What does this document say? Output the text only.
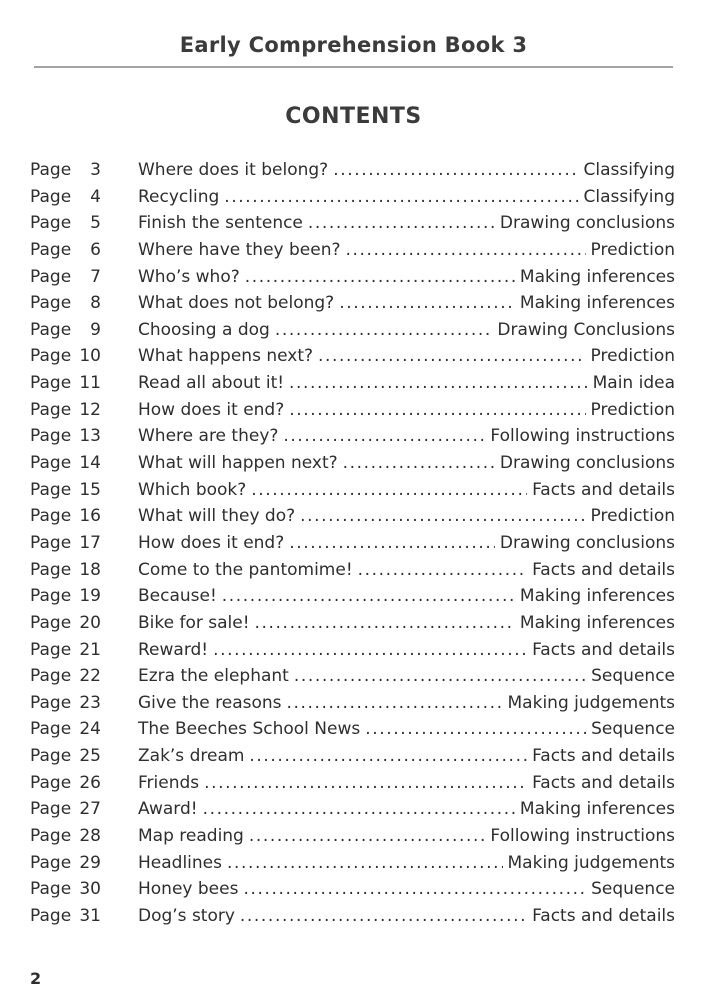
Early Comprehension Book 3
CONTENTS
Page	3 Where does it belong? .....	Classifying
Page	4 Recycling .....	Classifying
Page	5 Finish the sentence .....	Drawing conclusions
Page	6 Where have they been? .....	Prediction
Page	7 Who’s who? .....	Making inferences
Page	8 What does not belong? .....	Making inferences
Page	9 Choosing a dog .....	Drawing Conclusions
Page 10 What happens next? .....	Prediction
Page 11 Read all about it! .....	Main idea
Page 12 How does it end? .....	Prediction
Page 13 Where are they? .....	Following instructions
Page 14 What will happen next? .....	Drawing conclusions
Page 15 Which book? .....	Facts and details
Page 16 What will they do? .....	Prediction
Page 17 How does it end? .....	Drawing conclusions
Page 18 Come to the pantomime! .....	Facts and details
Page 19 Because! .....	Making inferences
Page 20 Bike for sale! .....	Making inferences
Page 21 Reward! .....	Facts and details
Page 22 Ezra the elephant .....	Sequence
Page 23 Give the reasons .....	Making judgements
Page 24 The Beeches School News .....	Sequence
Page 25 Zak’s dream .....	Facts and details
Page 26 Friends .....	Facts and details
Page 27 Award! .....	Making inferences
Page 28 Map reading .....	Following instructions
Page 29 Headlines .....	Making judgements
Page 30 Honey bees .....	Sequence
Page 31 Dog’s story .....	Facts and details
2
